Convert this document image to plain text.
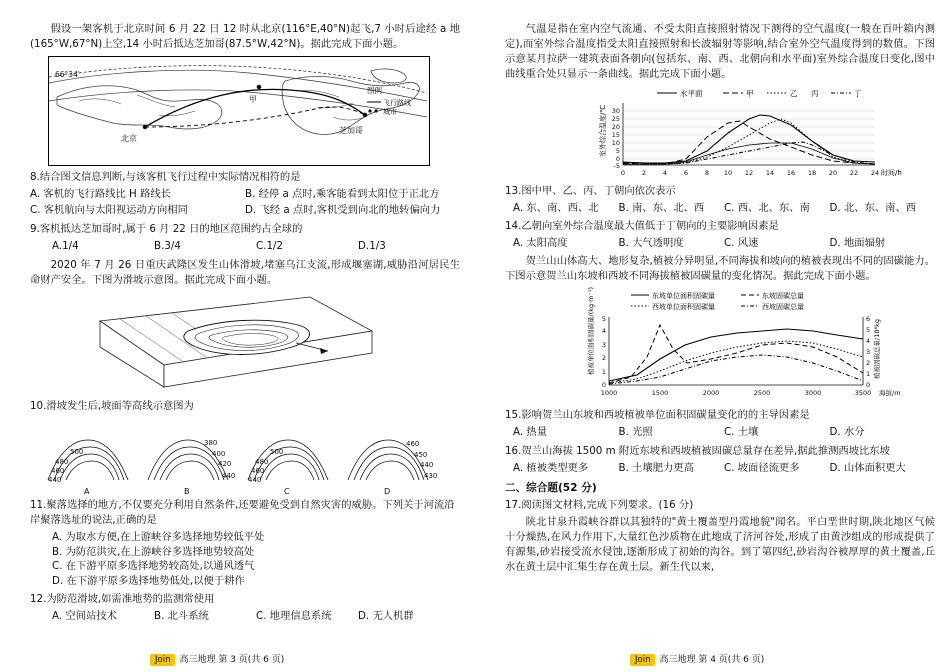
假设一架客机于北京时间 6 月 22 日 12 时从北京(116°E,40°N)起飞,7 小时后途经 a 地(165°W,67°N)上空,14 小时后抵达芝加哥(87.5°W,42°N)。据此完成下面小题。

66°34′
北京
甲
芝加哥
图例
飞行路线
城市
8.结合图文信息判断,与该客机飞行过程中实际情况相符的是
A. 客机的飞行路线比 H 路线长	B. 经停 a 点时,乘客能看到太阳位于正北方
C. 客机航向与太阳视运动方向相同	D. 飞经 a 点时,客机受到向北的地转偏向力
9.客机抵达芝加哥时,属于 6 月 22 日的地区范围约占全球的
A.1/4	B.3/4	C.1/2	D.1/3

2020 年 7 月 26 日重庆武隆区发生山体滑坡,堵塞乌江支流,形成堰塞湖,威胁沿河居民生命财产安全。下图为滑坡示意图。据此完成下面小题。

10.滑坡发生后,坡面等高线示意图为
500
480
460
440
A
380
400
420
440
B
500
480
460
440
C
460
450
440
430
D
11.聚落选择的地方,不仅要充分利用自然条件,还要避免受到自然灾害的威胁。下列关于河流沿岸聚落选址的说法,正确的是
A. 为取水方便,在上游峡谷多选择地势较低平处
B. 为防范洪灾,在上游峡谷多选择地势较高处
C. 在下游平原多选择地势较高处,以通风透气
D. 在下游平原多选择地势低处,以便于耕作
12.为防范滑坡,如需准地势的监测常使用
A. 空间站技术	B. 北斗系统	C. 地理信息系统	D. 无人机群

气温是指在室内空气流通、不受太阳直接照射情况下测得的空气温度(一般在百叶箱内测定),而室外综合温度指受太阳直接照射和长波辐射等影响,结合室外空气温度得到的数值。下图示意某月拉萨一建筑表面各朝向(包括东、南、西、北朝向和水平面)室外综合温度日变化,图中曲线重合处只显示一条曲线。据此完成下面小题。

水平面	甲	乙 丙	丁
室外综合温度/℃ 30
25
20
15
10
5
0
-5
0	2	4	6	8 10 12 14 16 18 20 22 24 时间/h
13.图中甲、乙、丙、丁朝向依次表示
A. 东、南、西、北	B. 南、东、北、西	C. 西、北、东、南	D. 北、东、南、西
14.乙朝向室外综合温度最大值低于丁朝向的主要影响因素是
A. 太阳高度	B. 大气透明度	C. 风速	D. 地面辐射

贺兰山山体高大、地形复杂,植被分异明显,不同海拔和坡向的植被表现出不同的固碳能力。下图示意贺兰山东坡和西坡不同海拔植被固碳量的变化情况。据此完成下面小题。

东坡单位面积固碳量	东坡固碳总量
西坡单位面积固碳量	西坡固碳总量
植被单位面积固碳量/(kg·m⁻²)	植被固碳总量/10⁶kg
0
1
2
3
4
5
0
1
2
3
4
5
6
1000	1500	2000	2500	3000	3500 海拔/m
15.影响贺兰山东坡和西坡植被单位面积固碳量变化的的主导因素是
A. 热量	B. 光照	C. 土壤	D. 水分
16.贺兰山海拔 1500 m 附近东坡和西坡植被固碳总量存在差异,据此推测西坡比东坡
A. 植被类型更多	B. 土壤肥力更高	C. 坡面径流更多	D. 山体面积更大
二、综合题(52 分)
17.阅读图文材料,完成下列要求。(16 分)

陕北甘泉升霞峡谷群以其独特的"黄土覆盖型丹霞地貌"闻名。平白垩世时期,陕北地区气候十分燥热,在风力作用下,大量红色沙质物在此地成了济河谷处,形成了由黄沙组成的形成提供了有源集,砂岩接受流水侵蚀,逐渐形成了初始的沟谷。到了第四纪,砂岩沟谷被厚厚的黄土覆盖,丘水在黄土层中汇集生存在黄土层。新生代以来,

Join 高三地理 第 3 页(共 6 页)	Join 高三地理 第 4 页(共 6 页)
